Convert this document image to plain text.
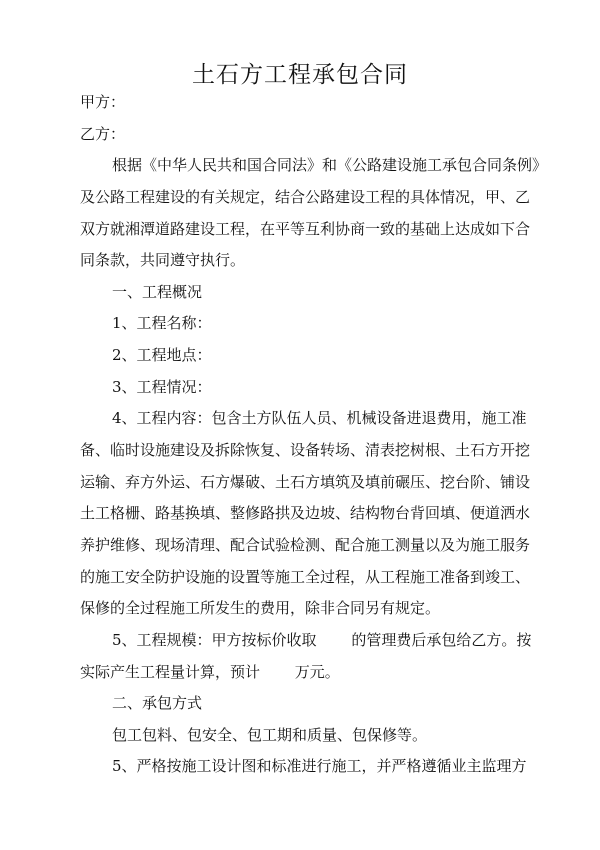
土石方工程承包合同
甲方：
乙方：
根据《中华人民共和国合同法》和《公路建设施工承包合同条例》
及公路工程建设的有关规定，结合公路建设工程的具体情况，甲、乙
双方就湘潭道路建设工程，在平等互利协商一致的基础上达成如下合
同条款，共同遵守执行。
一、工程概况
1、工程名称：
2、工程地点：
3、工程情况：
4、工程内容：包含土方队伍人员、机械设备进退费用，施工准
备、临时设施建设及拆除恢复、设备转场、清表挖树根、土石方开挖
运输、弃方外运、石方爆破、土石方填筑及填前碾压、挖台阶、铺设
土工格栅、路基换填、整修路拱及边坡、结构物台背回填、便道洒水
养护维修、现场清理、配合试验检测、配合施工测量以及为施工服务
的施工安全防护设施的设置等施工全过程，从工程施工准备到竣工、
保修的全过程施工所发生的费用，除非合同另有规定。
5、工程规模：甲方按标价收取　　 的管理费后承包给乙方。按
实际产生工程量计算，预计　　 万元。
二、承包方式
包工包料、包安全、包工期和质量、包保修等。
5、严格按施工设计图和标准进行施工，并严格遵循业主监理方
